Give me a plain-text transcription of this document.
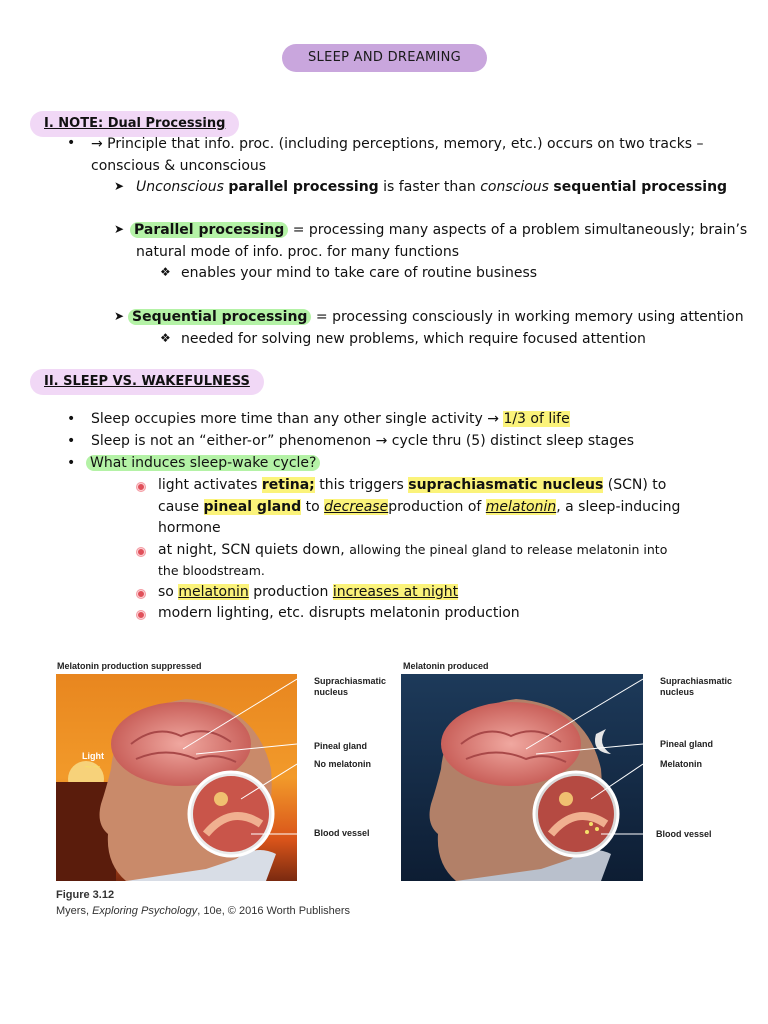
SLEEP AND DREAMING
I. NOTE: Dual Processing
• → Principle that info. proc. (including perceptions, memory, etc.) occurs on two tracks –
conscious & unconscious
➤ Unconscious parallel processing is faster than conscious sequential processing
➤ Parallel processing = processing many aspects of a problem simultaneously; brain’s
natural mode of info. proc. for many functions
❖ enables your mind to take care of routine business
➤ Sequential processing = processing consciously in working memory using attention
❖ needed for solving new problems, which require focused attention
II. SLEEP VS. WAKEFULNESS
• Sleep occupies more time than any other single activity → 1/3 of life
• Sleep is not an “either-or” phenomenon → cycle thru (5) distinct sleep stages
• What induces sleep-wake cycle?
light activates retina; this triggers suprachiasmatic nucleus (SCN) to
cause pineal gland to decreaseproduction of melatonin, a sleep-inducing
hormone
at night, SCN quiets down, allowing the pineal gland to release melatonin into
the bloodstream.
so melatonin production increases at night
modern lighting, etc. disrupts melatonin production
Melatonin production suppressed
Light
~~
Suprachiasmatic
nucleus
Pineal gland
No melatonin
Blood vessel
Melatonin produced
Suprachiasmatic
nucleus
Pineal gland
Melatonin
Blood vessel
Figure 3.12
Myers, Exploring Psychology, 10e, © 2016 Worth Publishers
